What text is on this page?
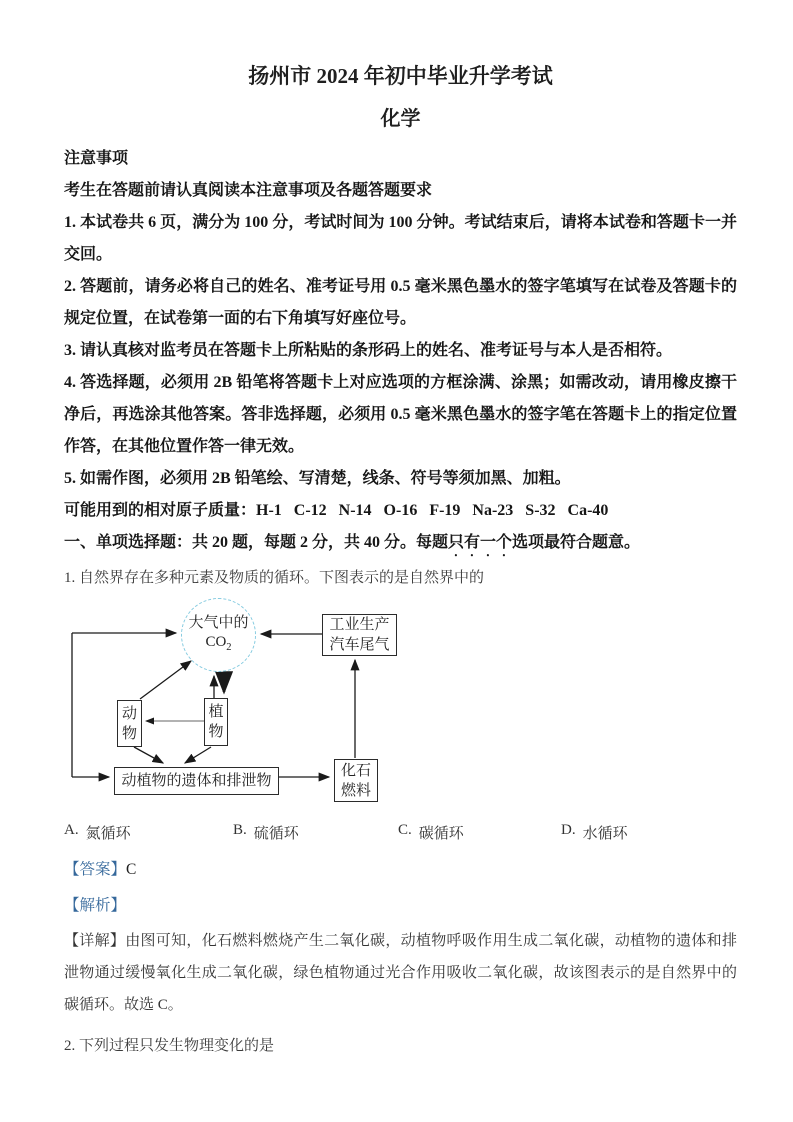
扬州市 2024 年初中毕业升学考试
化学

注意事项

考生在答题前请认真阅读本注意事项及各题答题要求

1. 本试卷共 6 页，满分为 100 分，考试时间为 100 分钟。考试结束后，请将本试卷和答题卡一并交回。

2. 答题前，请务必将自己的姓名、准考证号用 0.5 毫米黑色墨水的签字笔填写在试卷及答题卡的规定位置，在试卷第一面的右下角填写好座位号。

3. 请认真核对监考员在答题卡上所粘贴的条形码上的姓名、准考证号与本人是否相符。

4. 答选择题，必须用 2B 铅笔将答题卡上对应选项的方框涂满、涂黑；如需改动，请用橡皮擦干净后，再选涂其他答案。答非选择题，必须用 0.5 毫米黑色墨水的签字笔在答题卡上的指定位置作答，在其他位置作答一律无效。

5. 如需作图，必须用 2B 铅笔绘、写清楚，线条、符号等须加黑、加粗。

可能用到的相对原子质量：H-1   C-12   N-14   O-16   F-19   Na-23   S-32   Ca-40

一、单项选择题：共 20 题，每题 2 分，共 40 分。每题只有一个选项最符合题意。

1. 自然界存在多种元素及物质的循环。下图表示的是自然界中的

大气中的
$CO_2$
工业生产
汽车尾气
动物
植物
动植物的遗体和排泄物
化石
燃料
A. 氮循环	B. 硫循环	C. 碳循环	D. 水循环

【答案】C

【解析】

【详解】由图可知，化石燃料燃烧产生二氧化碳，动植物呼吸作用生成二氧化碳，动植物的遗体和排泄物通过缓慢氧化生成二氧化碳，绿色植物通过光合作用吸收二氧化碳，故该图表示的是自然界中的碳循环。故选 C。

2. 下列过程只发生物理变化的是
